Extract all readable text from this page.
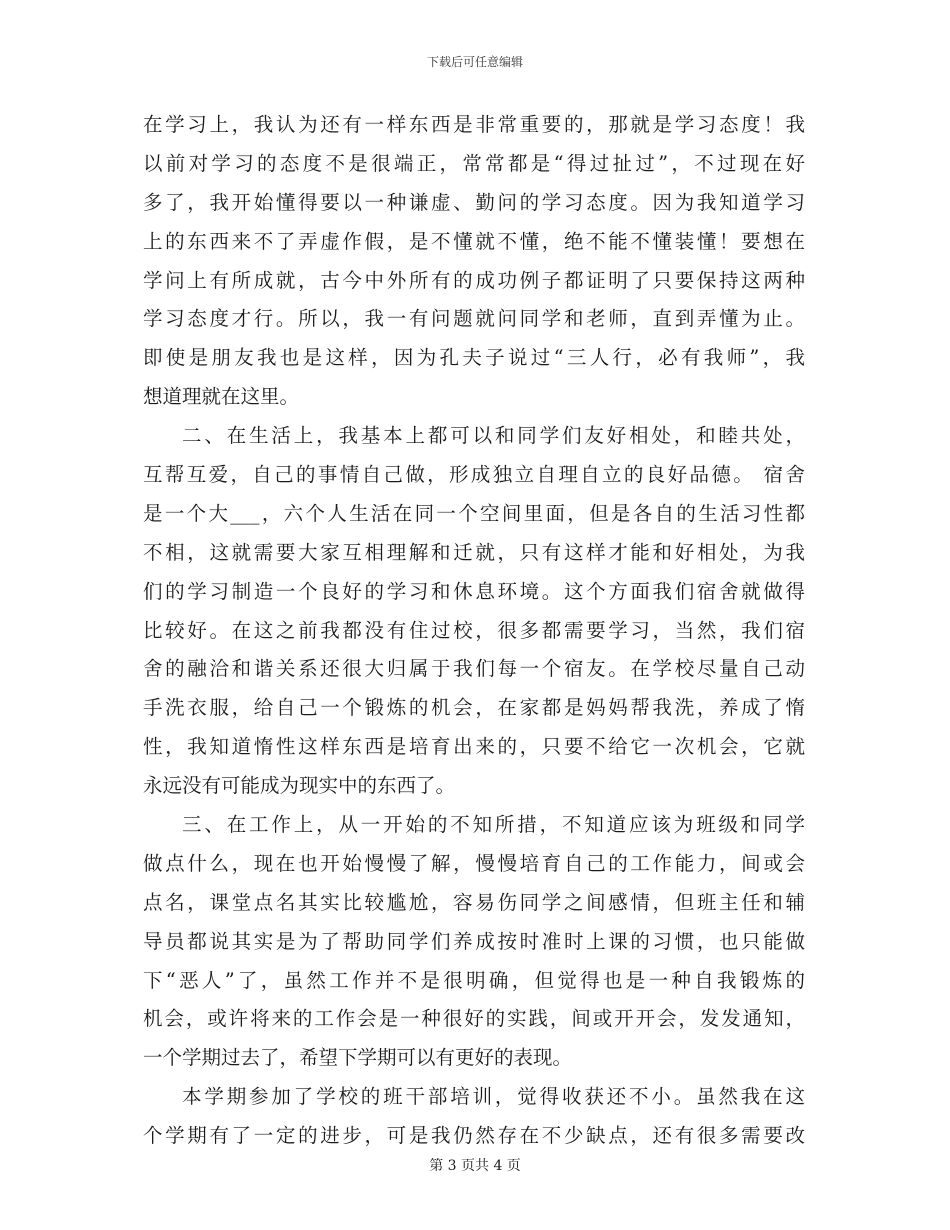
下载后可任意编辑
在学习上，我认为还有一样东西是非常重要的，那就是学习态度！我
以前对学习的态度不是很端正，常常都是“得过扯过”，不过现在好
多了，我开始懂得要以一种谦虚、勤问的学习态度。因为我知道学习
上的东西来不了弄虚作假，是不懂就不懂，绝不能不懂装懂！要想在
学问上有所成就，古今中外所有的成功例子都证明了只要保持这两种
学习态度才行。所以，我一有问题就问同学和老师，直到弄懂为止。
即使是朋友我也是这样，因为孔夫子说过“三人行，必有我师”，我
想道理就在这里。
二、在生活上，我基本上都可以和同学们友好相处，和睦共处，
互帮互爱，自己的事情自己做，形成独立自理自立的良好品德。 宿舍
是一个大___，六个人生活在同一个空间里面，但是各自的生活习性都
不相，这就需要大家互相理解和迁就，只有这样才能和好相处，为我
们的学习制造一个良好的学习和休息环境。这个方面我们宿舍就做得
比较好。在这之前我都没有住过校，很多都需要学习，当然，我们宿
舍的融洽和谐关系还很大归属于我们每一个宿友。在学校尽量自己动
手洗衣服，给自己一个锻炼的机会，在家都是妈妈帮我洗，养成了惰
性，我知道惰性这样东西是培育出来的，只要不给它一次机会，它就
永远没有可能成为现实中的东西了。
三、在工作上，从一开始的不知所措，不知道应该为班级和同学
做点什么，现在也开始慢慢了解，慢慢培育自己的工作能力，间或会
点名，课堂点名其实比较尴尬，容易伤同学之间感情，但班主任和辅
导员都说其实是为了帮助同学们养成按时准时上课的习惯，也只能做
下“恶人”了，虽然工作并不是很明确，但觉得也是一种自我锻炼的
机会，或许将来的工作会是一种很好的实践，间或开开会，发发通知，
一个学期过去了，希望下学期可以有更好的表现。
本学期参加了学校的班干部培训，觉得收获还不小。虽然我在这
个学期有了一定的进步，可是我仍然存在不少缺点，还有很多需要改
第 3 页共 4 页
